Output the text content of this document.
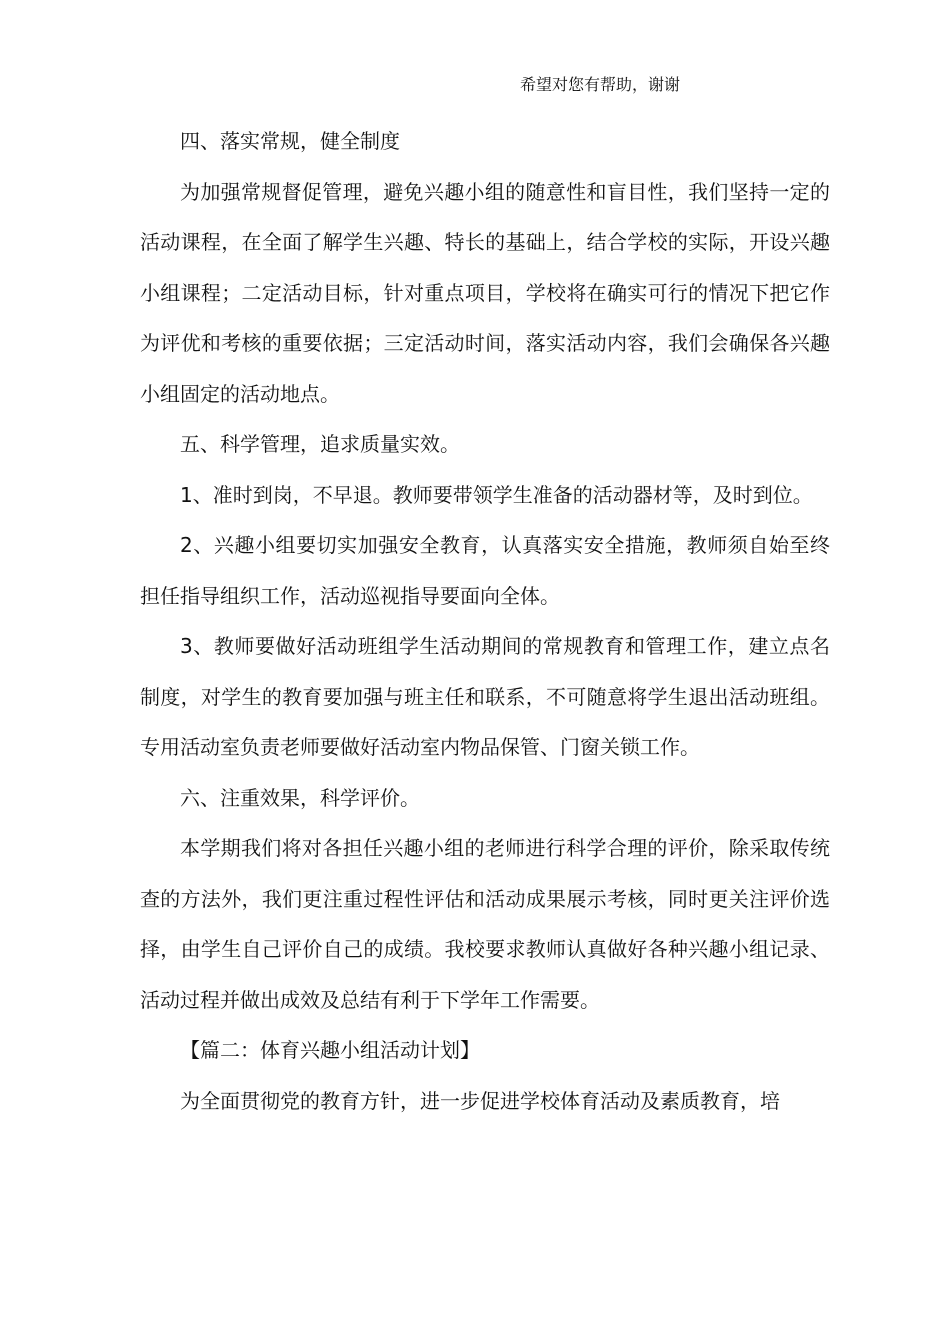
希望对您有帮助，谢谢

四、落实常规，健全制度

为加强常规督促管理，避免兴趣小组的随意性和盲目性，我们坚持一定的活动课程，在全面了解学生兴趣、特长的基础上，结合学校的实际，开设兴趣小组课程；二定活动目标，针对重点项目，学校将在确实可行的情况下把它作为评优和考核的重要依据；三定活动时间，落实活动内容，我们会确保各兴趣小组固定的活动地点。

五、科学管理，追求质量实效。

1、准时到岗，不早退。教师要带领学生准备的活动器材等，及时到位。

2、兴趣小组要切实加强安全教育，认真落实安全措施，教师须自始至终担任指导组织工作，活动巡视指导要面向全体。

3、教师要做好活动班组学生活动期间的常规教育和管理工作，建立点名制度，对学生的教育要加强与班主任和联系，不可随意将学生退出活动班组。专用活动室负责老师要做好活动室内物品保管、门窗关锁工作。

六、注重效果，科学评价。

本学期我们将对各担任兴趣小组的老师进行科学合理的评价，除采取传统查的方法外，我们更注重过程性评估和活动成果展示考核，同时更关注评价选择，由学生自己评价自己的成绩。我校要求教师认真做好各种兴趣小组记录、活动过程并做出成效及总结有利于下学年工作需要。

【篇二：体育兴趣小组活动计划】

为全面贯彻党的教育方针，进一步促进学校体育活动及素质教育，培
